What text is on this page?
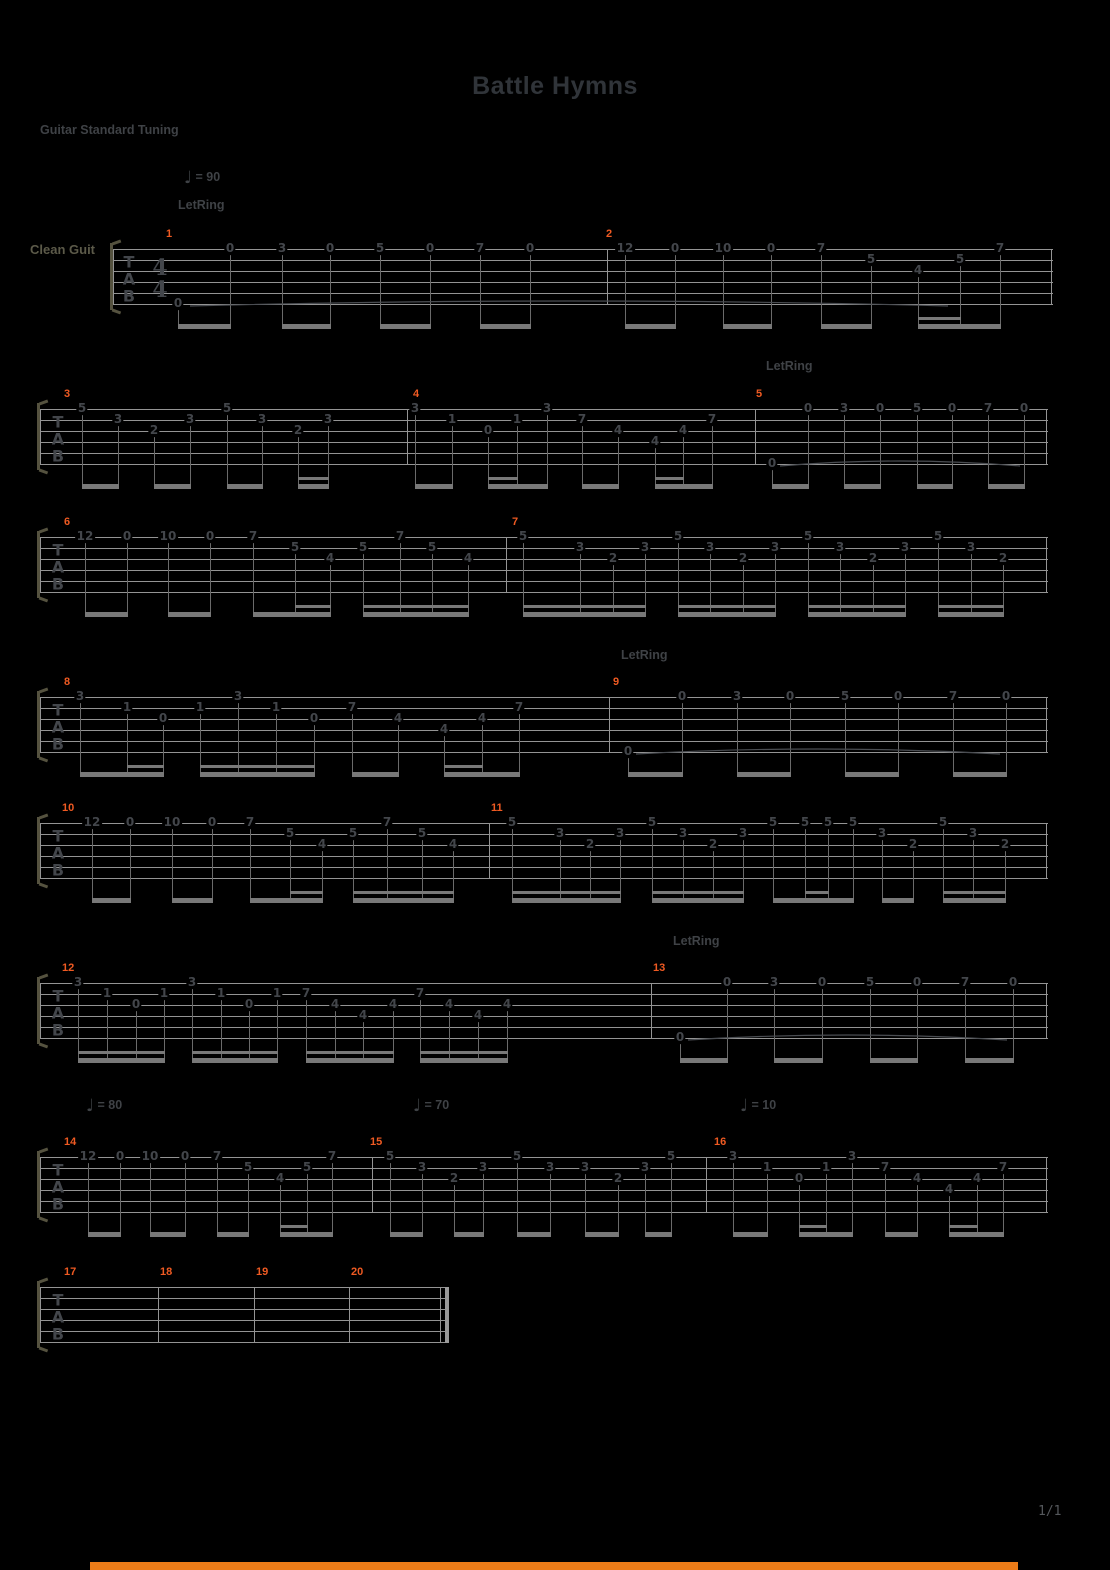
Battle Hymns
Guitar Standard Tuning
T
A
B
4
4
Clean Guit
1
0
0	3	0	5	0	7	0
2
12	0	10	0	7
5
4
5
7
T
A
B
3
5
3
2
3
5
3
2
3
4
3
1
0
1
3
7
4
4
4
7
5
0
0 3 0 5 0 7 0
T
A
B
6
12 0 10 0	7
5
4
5
7
5
4
7
5
3
2
3
5
3
2
3
5
3
2
3
5
3
2
T
A
B
8
3
1
0
1
3
1
0
7
4
4
4
7
9
0
0	3	0	5	0	7	0
T
A
B
10
12 0 10 0 7
5
4
5
7
5
4
11
5
3
2
3
5
3
2
3
5 5 5 5
3
2
5
3
2
T
A
B
12
3
1
0
1
3
1
0
1 7
4
4
4
7
4
4
4
13
0
0	3	0	5	0	7	0
T
A
B
14
12 0 10 0 7
5
4
5
7
15
5
3
2
3
5
3 3
2
3
5
16
3
1
0
1
3
7
4
4
4
7
T
A
B
17	18	19	20
LetRing
LetRing
LetRing
LetRing
♩ = 90
♩ = 80	♩ = 70	♩ = 10
1/1
